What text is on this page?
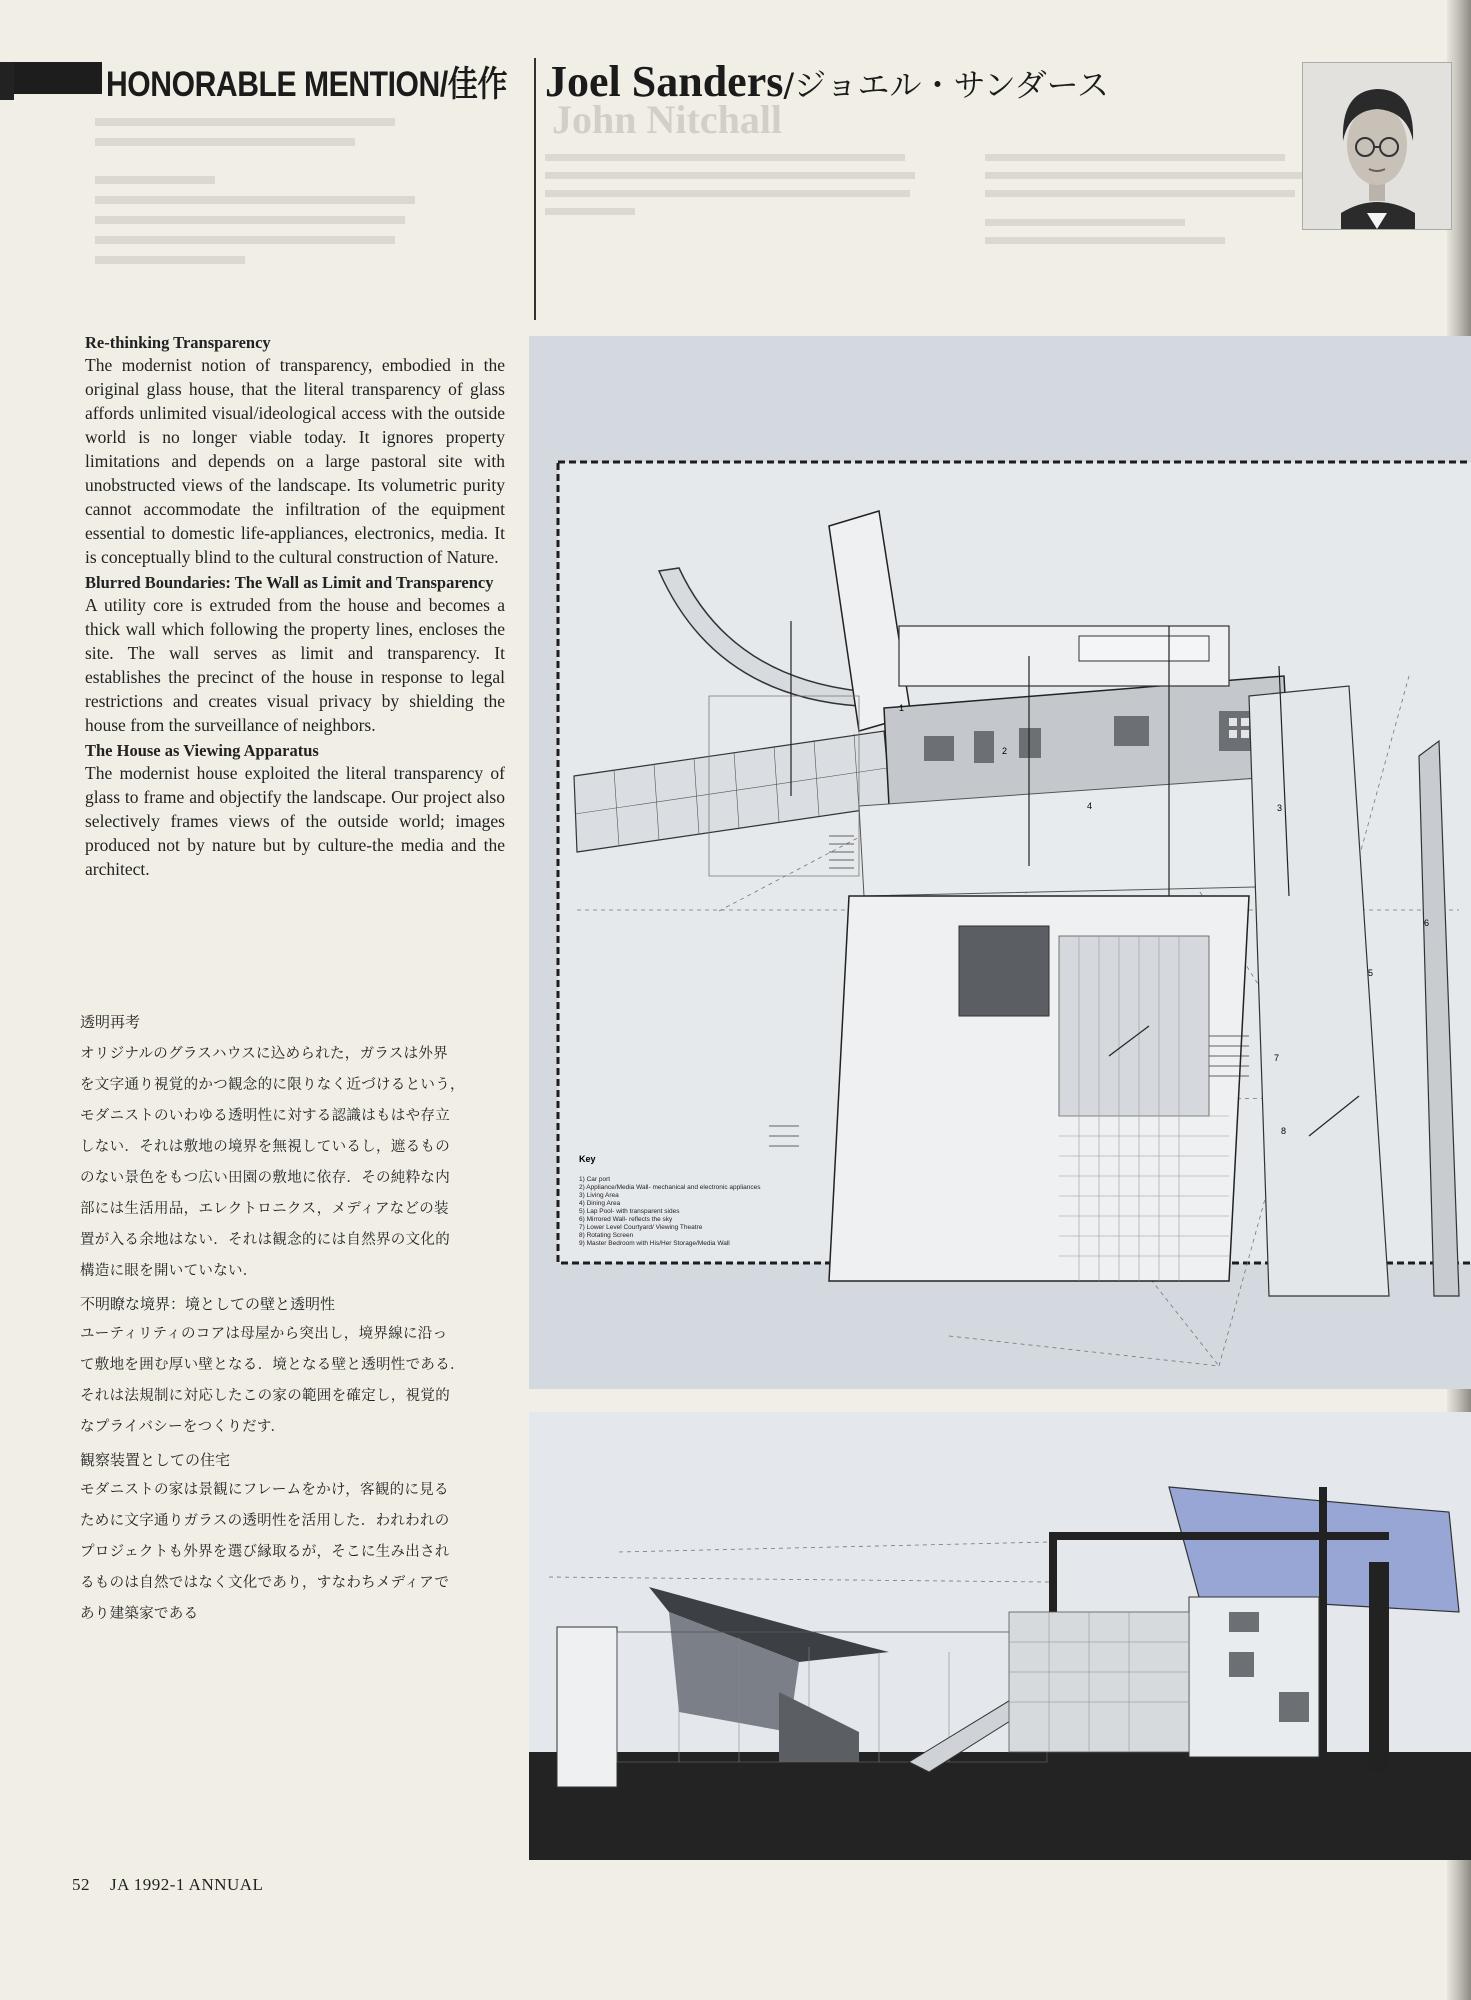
HONORABLE MENTION/佳作 Joel Sanders/ジョエル・サンダース
John Nitchall
Re-thinking Transparency

The modernist notion of transparency, embodied in the original glass house, that the literal transparency of glass affords unlimited visual/ideological access with the outside world is no longer viable today. It ignores property limitations and depends on a large pastoral site with unobstructed views of the landscape. Its volumetric purity cannot accommodate the infiltration of the equipment essential to domestic life-appliances, electronics, media. It is conceptually blind to the cultural construction of Nature.

Blurred Boundaries: The Wall as Limit and Transparency

A utility core is extruded from the house and becomes a thick wall which following the property lines, encloses the site. The wall serves as limit and transparency. It establishes the precinct of the house in response to legal restrictions and creates visual privacy by shielding the house from the surveillance of neighbors.

The House as Viewing Apparatus

The modernist house exploited the literal transparency of glass to frame and objectify the landscape. Our project also selectively frames views of the outside world; images produced not by nature but by culture-the media and the architect.

透明再考

オリジナルのグラスハウスに込められた，ガラスは外界

を文字通り視覚的かつ観念的に限りなく近づけるという，

モダニストのいわゆる透明性に対する認識はもはや存立

しない．それは敷地の境界を無視しているし，遮るもの

のない景色をもつ広い田園の敷地に依存．その純粋な内

部には生活用品，エレクトロニクス，メディアなどの装

置が入る余地はない．それは観念的には自然界の文化的

構造に眼を開いていない．

不明瞭な境界：境としての壁と透明性

ユーティリティのコアは母屋から突出し，境界線に沿っ

て敷地を囲む厚い壁となる．境となる壁と透明性である．

それは法規制に対応したこの家の範囲を確定し，視覚的

なプライバシーをつくりだす．

観察装置としての住宅

モダニストの家は景観にフレームをかけ，客観的に見る

ために文字通りガラスの透明性を活用した．われわれの

プロジェクトも外界を選び縁取るが，そこに生み出され

るものは自然ではなく文化であり，すなわちメディアで

あり建築家である

1
2
3
4
5
6
7
8
Key
1) Car port
2) Appliance/Media Wall- mechanical and electronic appliances
3) Living Area
4) Dining Area
5) Lap Pool- with transparent sides
6) Mirrored Wall- reflects the sky
7) Lower Level Courtyard/ Viewing Theatre
8) Rotating Screen
9) Master Bedroom with His/Her Storage/Media Wall
52 JA 1992-1 ANNUAL
